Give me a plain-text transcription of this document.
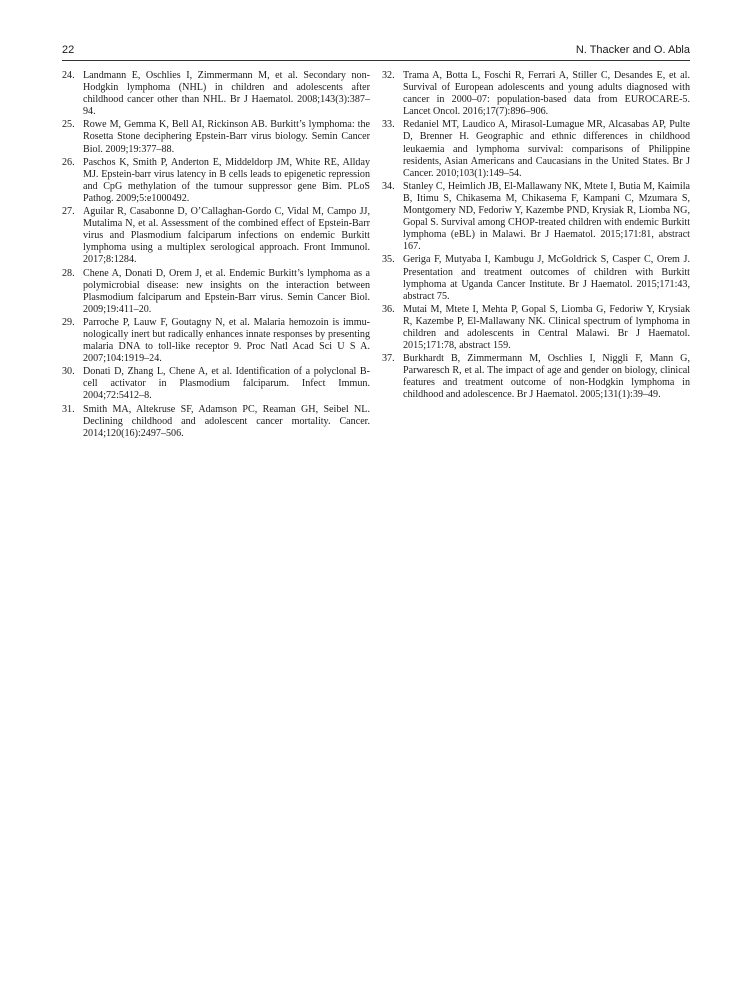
22	N. Thacker and O. Abla
24. Landmann E, Oschlies I, Zimmermann M, et al. Secondary non-Hodgkin lymphoma (NHL) in children and adolescents after childhood cancer other than NHL. Br J Haematol. 2008;143(3):387–94.
25. Rowe M, Gemma K, Bell AI, Rickinson AB. Burkitt’s lymphoma: the Rosetta Stone deciphering Epstein-Barr virus biology. Semin Cancer Biol. 2009;19:377–88.
26. Paschos K, Smith P, Anderton E, Middeldorp JM, White RE, Allday MJ. Epstein-barr virus latency in B cells leads to epigenetic repression and CpG methylation of the tumour suppressor gene Bim. PLoS Pathog. 2009;5:e1000492.
27. Aguilar R, Casabonne D, O’Callaghan-Gordo C, Vidal M, Campo JJ, Mutalima N, et al. Assessment of the combined effect of Epstein-Barr virus and Plasmodium falciparum infections on endemic Burkitt lymphoma using a multiplex serological approach. Front Immunol. 2017;8:1284.
28. Chene A, Donati D, Orem J, et al. Endemic Burkitt’s lymphoma as a polymicrobial disease: new insights on the interaction between Plasmodium falciparum and Epstein-Barr virus. Semin Cancer Biol. 2009;19:411–20.
29. Parroche P, Lauw F, Goutagny N, et al. Malaria hemozoin is immunologically inert but radically enhances innate responses by presenting malaria DNA to toll-like receptor 9. Proc Natl Acad Sci U S A. 2007;104:1919–24.
30. Donati D, Zhang L, Chene A, et al. Identification of a polyclonal B-cell activator in Plasmodium falciparum. Infect Immun. 2004;72:5412–8.
31. Smith MA, Altekruse SF, Adamson PC, Reaman GH, Seibel NL. Declining childhood and adolescent cancer mortality. Cancer. 2014;120(16):2497–506.
32. Trama A, Botta L, Foschi R, Ferrari A, Stiller C, Desandes E, et al. Survival of European adolescents and young adults diagnosed with cancer in 2000–07: population-based data from EUROCARE-5. Lancet Oncol. 2016;17(7):896–906.
33. Redaniel MT, Laudico A, Mirasol-Lumague MR, Alcasabas AP, Pulte D, Brenner H. Geographic and ethnic differences in childhood leukaemia and lymphoma survival: comparisons of Philippine residents, Asian Americans and Caucasians in the United States. Br J Cancer. 2010;103(1):149–54.
34. Stanley C, Heimlich JB, El-Mallawany NK, Mtete I, Butia M, Kaimila B, Itimu S, Chikasema M, Chikasema F, Kampani C, Mzumara S, Montgomery ND, Fedoriw Y, Kazembe PND, Krysiak R, Liomba NG, Gopal S. Survival among CHOP-treated children with endemic Burkitt lymphoma (eBL) in Malawi. Br J Haematol. 2015;171:81, abstract 167.
35. Geriga F, Mutyaba I, Kambugu J, McGoldrick S, Casper C, Orem J. Presentation and treatment outcomes of children with Burkitt lymphoma at Uganda Cancer Institute. Br J Haematol. 2015;171:43, abstract 75.
36. Mutai M, Mtete I, Mehta P, Gopal S, Liomba G, Fedoriw Y, Krysiak R, Kazembe P, El-Mallawany NK. Clinical spectrum of lymphoma in children and adolescents in Central Malawi. Br J Haematol. 2015;171:78, abstract 159.
37. Burkhardt B, Zimmermann M, Oschlies I, Niggli F, Mann G, Parwaresch R, et al. The impact of age and gender on biology, clinical features and treatment outcome of non-Hodgkin lymphoma in childhood and adolescence. Br J Haematol. 2005;131(1):39–49.
